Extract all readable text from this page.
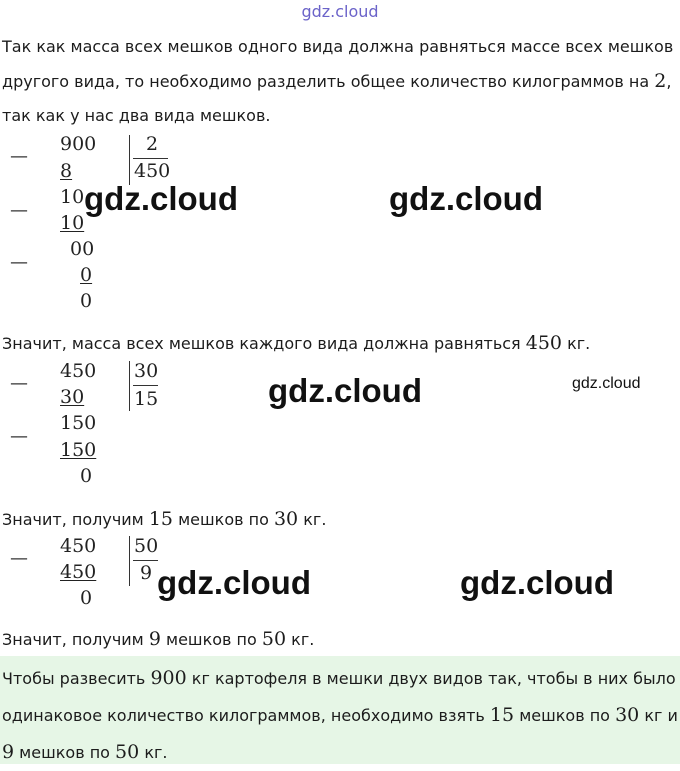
gdz.cloud
Так как масса всех мешков одного вида должна равняться массе всех мешков другого вида, то необходимо разделить общее количество килограммов на 2, так как у нас два вида мешков.
—
—
—
900
8
10
10
00
0
0
2
450
gdz.cloud	gdz.cloud
Значит, масса всех мешков каждого вида должна равняться 450 кг.
—
—
450
30
150
150
0
30
15	gdz.cloud	gdz.cloud
Значит, получим 15 мешков по 30 кг.
—
450
450
0
50
9 gdz.cloud	gdz.cloud
Значит, получим 9 мешков по 50 кг.
Чтобы развесить 900 кг картофеля в мешки двух видов так, чтобы в них было одинаковое количество килограммов, необходимо взять 15 мешков по 30 кг и 9 мешков по 50 кг.
